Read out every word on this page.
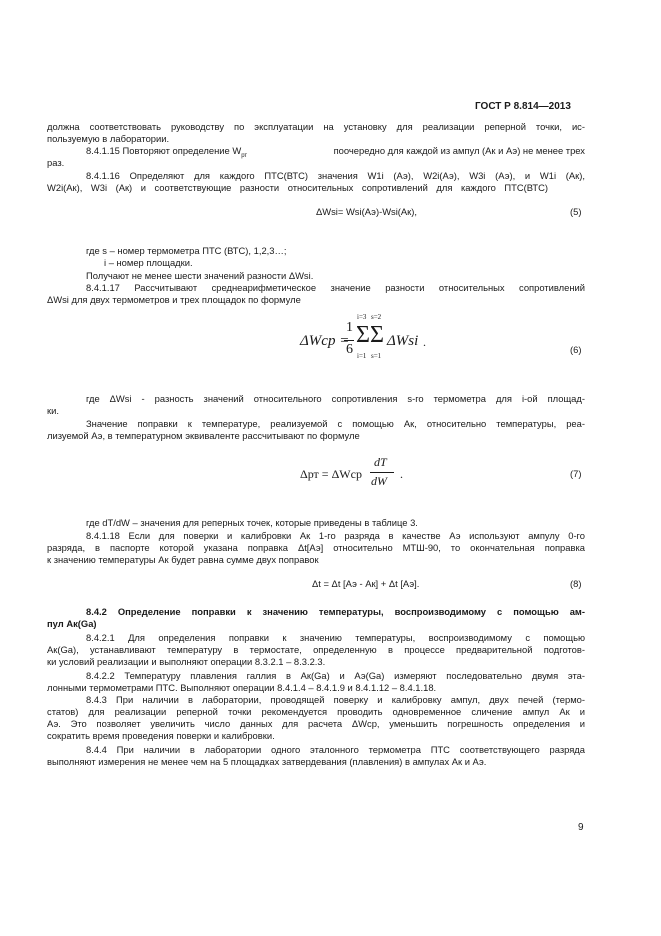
ГОСТ Р 8.814—2013
должна соответствовать руководству по эксплуатации на установку для реализации реперной точки, ис-
пользуемую в лаборатории.
8.4.1.15 Повторяют определение $W_{рт}$	поочередно для каждой из ампул (Ак и Аэ) не менее трех
раз.
8.4.1.16 Определяют для каждого ПТС(ВТС) значения W1i (Аэ), W2i(Аэ), W3i (Аэ), и W1i (Ак),
W2i(Ак), W3i (Ак) и соответствующие разности относительных сопротивлений для каждого ПТС(ВТС)
ΔWsi= Wsi(Аэ)-Wsi(Ак),	(5)
где s – номер термометра ПТС (ВТС), 1,2,3…;
i – номер площадки.
Получают не менее шести значений разности ΔWsi.
8.4.1.17 Рассчитывают среднеарифметическое значение разности относительных сопротивлений
ΔWsi для двух термометров и трех площадок по формуле
ΔWср =
1
6
i=3
Σ
i=1
s=2
Σ
s=1
ΔWsi .
(6)
где ΔWsi - разность значений относительного сопротивления s-го термометра для i-ой площад-
ки.
Значение поправки к температуре, реализуемой с помощью Ак, относительно температуры, реа-
лизуемой Аэ, в температурном эквиваленте рассчитывают по формуле
Δрт = ΔWср
dT
dW .	(7)
где dT/dW – значения для реперных точек, которые приведены в таблице 3.
8.4.1.18 Если для поверки и калибровки Ак 1-го разряда в качестве Аэ используют ампулу 0-го
разряда, в паспорте которой указана поправка Δt[Аэ] относительно МТШ-90, то окончательная поправка
к значению температуры Ак будет равна сумме двух поправок
Δt = Δt [Аэ - Ак] + Δt [Аэ].	(8)
8.4.2 Определение поправки к значению температуры, воспроизводимому с помощью ам-
пул Ак(Ga)
8.4.2.1 Для определения поправки к значению температуры, воспроизводимому с помощью
Ак(Ga), устанавливают температуру в термостате, определенную в процессе предварительной подготов-
ки условий реализации и выполняют операции 8.3.2.1 – 8.3.2.3.
8.4.2.2 Температуру плавления галлия в Ак(Ga) и Аэ(Ga) измеряют последовательно двумя эта-
лонными термометрами ПТС. Выполняют операции 8.4.1.4 – 8.4.1.9 и 8.4.1.12 – 8.4.1.18.
8.4.3 При наличии в лаборатории, проводящей поверку и калибровку ампул, двух печей (термо-
статов) для реализации реперной точки рекомендуется проводить одновременное сличение ампул Ак и
Аэ. Это позволяет увеличить число данных для расчета ΔWср, уменьшить погрешность определения и
сократить время проведения поверки и калибровки.
8.4.4 При наличии в лаборатории одного эталонного термометра ПТС соответствующего разряда
выполняют измерения не менее чем на 5 площадках затвердевания (плавления) в ампулах Ак и Аэ.
9
